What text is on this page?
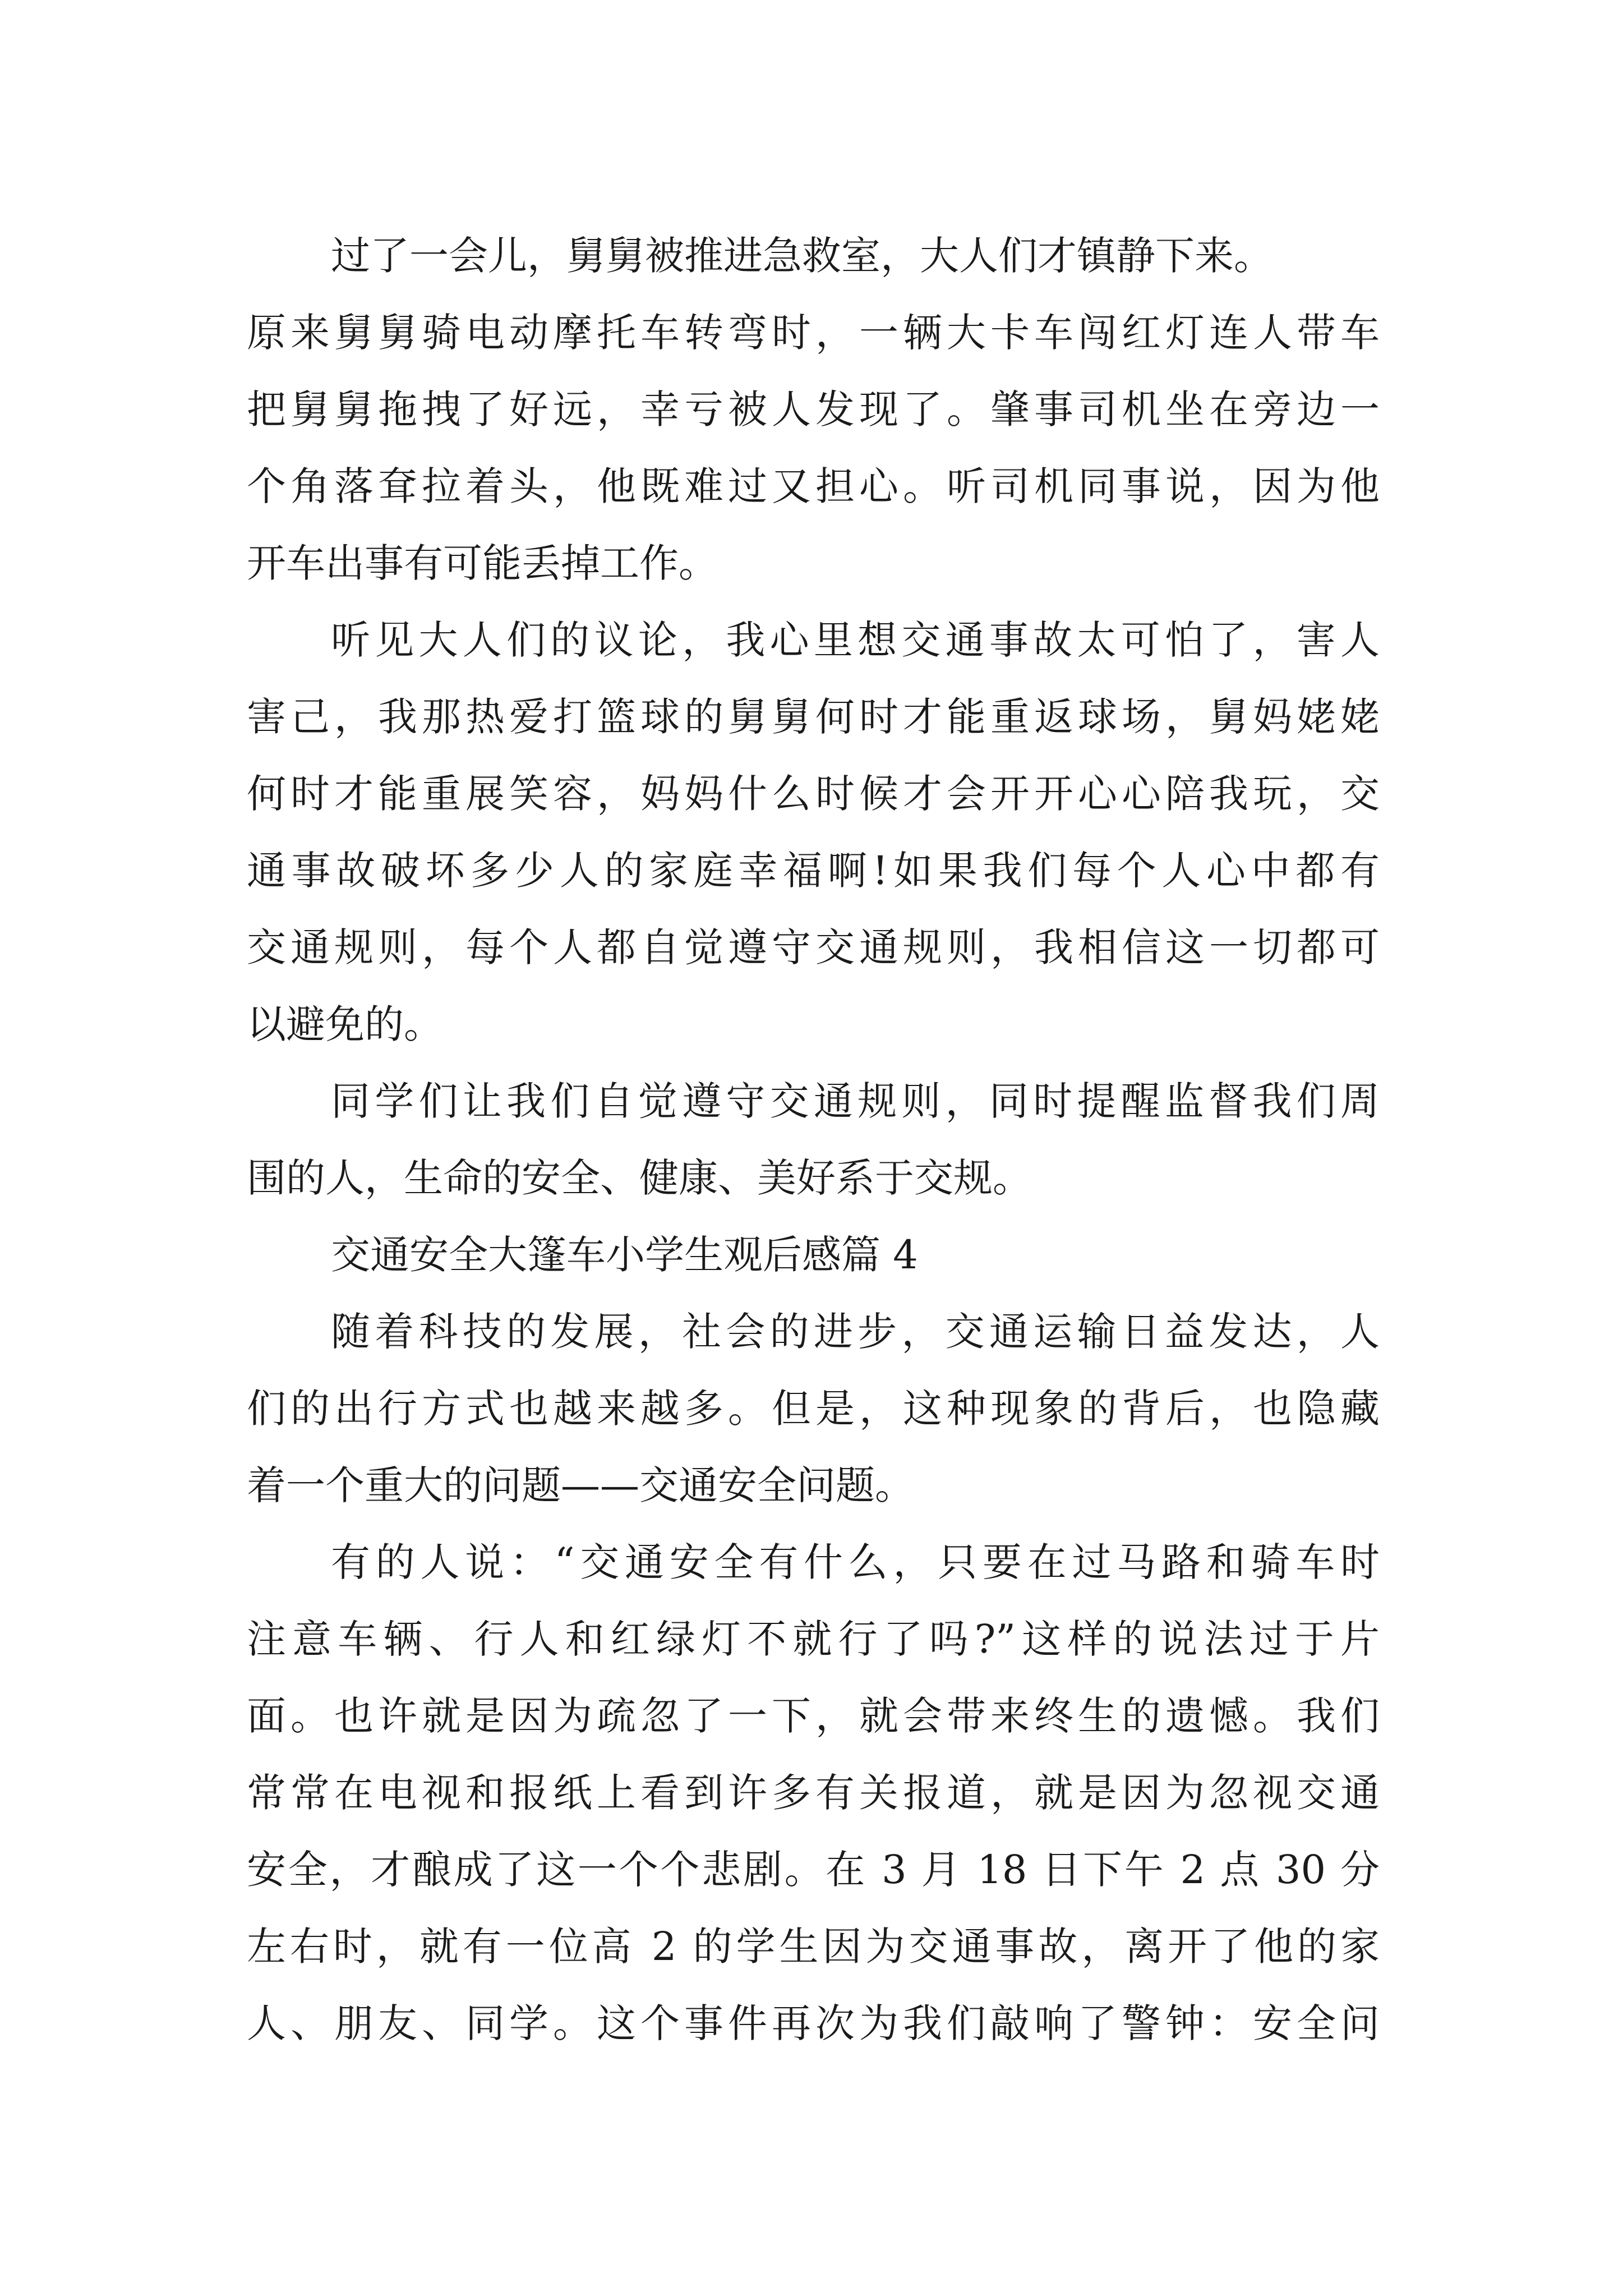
过了一会儿，舅舅被推进急救室，大人们才镇静下来。
原来舅舅骑电动摩托车转弯时，一辆大卡车闯红灯连人带车
把舅舅拖拽了好远，幸亏被人发现了。肇事司机坐在旁边一
个角落耷拉着头，他既难过又担心。听司机同事说，因为他
开车出事有可能丢掉工作。
听见大人们的议论，我心里想交通事故太可怕了，害人
害己，我那热爱打篮球的舅舅何时才能重返球场，舅妈姥姥
何时才能重展笑容，妈妈什么时候才会开开心心陪我玩，交
通事故破坏多少人的家庭幸福啊!如果我们每个人心中都有
交通规则，每个人都自觉遵守交通规则，我相信这一切都可
以避免的。
同学们让我们自觉遵守交通规则，同时提醒监督我们周
围的人，生命的安全、健康、美好系于交规。
交通安全大篷车小学生观后感篇 4
随着科技的发展，社会的进步，交通运输日益发达，人
们的出行方式也越来越多。但是，这种现象的背后，也隐藏
着一个重大的问题——交通安全问题。
有的人说：“交通安全有什么，只要在过马路和骑车时
注意车辆、行人和红绿灯不就行了吗?”这样的说法过于片
面。也许就是因为疏忽了一下，就会带来终生的遗憾。我们
常常在电视和报纸上看到许多有关报道，就是因为忽视交通
安全，才酿成了这一个个悲剧。在 3 月 18 日下午 2 点 30 分
左右时，就有一位高 2 的学生因为交通事故，离开了他的家
人、朋友、同学。这个事件再次为我们敲响了警钟：安全问
